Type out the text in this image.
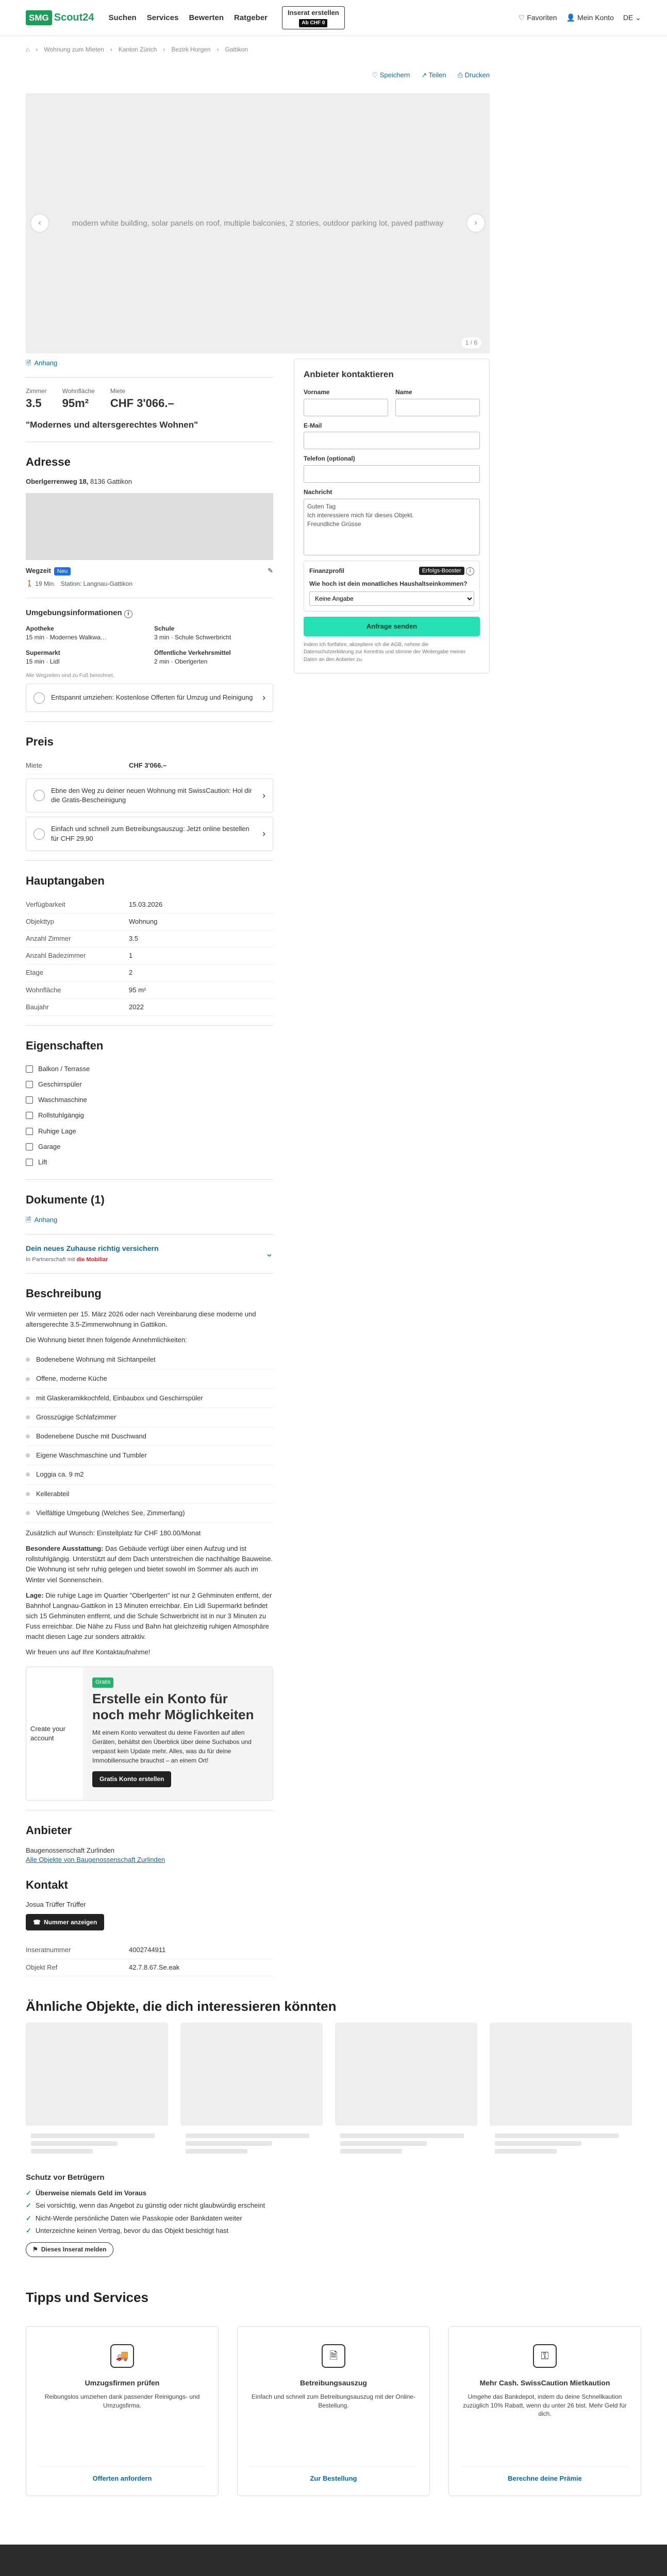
SMG Scout24 Suchen Services Bewerten Ratgeber
Inserat erstellen
Ab CHF 0
♡ Favoriten 👤 Mein Konto DE ⌄
⌂ › Wohnung zum Mieten › Kanton Zürich › Bezirk Horgen › Gattikon
♡ Speichern ↗ Teilen ⎙ Drucken
‹	modern white building, solar panels on roof, multiple balconies, 2 stories, outdoor parking lot, paved pathway	›
1 / 6
🗎 Anhang
Zimmer
3.5
Wohnfläche
95m²
Miete
CHF 3'066.–
"Modernes und altersgerechtes Wohnen"
Adresse
Oberlgerrenweg 18, 8136 Gattikon
Wegzeit Neu	✎
🚶 19 Min. Station: Langnau-Gattikon
Umgebungsinformationen i
Apotheke
15 min · Modernes Walkwa…
Schule
3 min · Schule Schwerbricht
Supermarkt
15 min · Lidl
Öffentliche Verkehrsmittel
2 min · Oberlgerten
Alle Wegzeiten sind zu Fuß berechnet.
Entspannt umziehen: Kostenlose Offerten für Umzug und Reinigung	›
Preis
Miete	CHF 3'066.–
Ebne den Weg zu deiner neuen Wohnung mit SwissCaution: Hol dir die Gratis-Bescheinigung	›
Einfach und schnell zum Betreibungsauszug: Jetzt online bestellen für CHF 29.90	›
Hauptangaben
Verfügbarkeit	15.03.2026
Objekttyp	Wohnung
Anzahl Zimmer	3.5
Anzahl Badezimmer	1
Etage	2
Wohnfläche	95 m²
Baujahr	2022
Eigenschaften
Balkon / Terrasse
Geschirrspüler
Waschmaschine
Rollstuhlgängig
Ruhige Lage
Garage
Lift
Dokumente (1)
🗎 Anhang
Dein neues Zuhause richtig versichern
In Partnerschaft mit die Mobiliar
⌄
Beschreibung

Wir vermieten per 15. März 2026 oder nach Vereinbarung diese moderne und altersgerechte 3.5-Zimmerwohnung in Gattikon.

Die Wohnung bietet Ihnen folgende Annehmlichkeiten:

Bodenebene Wohnung mit Sichtanpeilet
Offene, moderne Küche
mit Glaskeramikkochfeld, Einbaubox und Geschirrspüler
Grosszügige Schlafzimmer
Bodenebene Dusche mit Duschwand
Eigene Waschmaschine und Tumbler
Loggia ca. 9 m2
Kellerabteil
Vielfältige Umgebung (Welches See, Zimmerfang)

Zusätzlich auf Wunsch: Einstellplatz für CHF 180.00/Monat

Besondere Ausstattung: Das Gebäude verfügt über einen Aufzug und ist rollstuhlgängig. Unterstützt auf dem Dach unterstreichen die nachhaltige Bauweise. Die Wohnung ist sehr ruhig gelegen und bietet sowohl im Sommer als auch im Winter viel Sonnenschein.

Lage: Die ruhige Lage im Quartier "Oberlgerten" ist nur 2 Gehminuten entfernt, der Bahnhof Langnau-Gattikon in 13 Minuten erreichbar. Ein Lidl Supermarkt befindet sich 15 Gehminuten entfernt, und die Schule Schwerbricht ist in nur 3 Minuten zu Fuss erreichbar. Die Nähe zu Fluss und Bahn hat gleichzeitig ruhigen Atmosphäre macht diesen Lage zur sonders attraktiv.

Wir freuen uns auf Ihre Kontaktaufnahme!

Create your account
Gratis
Erstelle ein Konto für noch mehr Möglichkeiten
Mit einem Konto verwaltest du deine Favoriten auf allen Geräten, behältst den Überblick über deine Suchabos und verpasst kein Update mehr. Alles, was du für deine Immobiliensuche brauchst – an einem Ort!
Gratis Konto erstellen
Anbieter
Baugenossenschaft Zurlinden
Alle Objekte von Baugenossenschaft Zurlinden
Kontakt
Josua Trüffer Trüffer
☎ Nummer anzeigen
Inseratnummer	4002744911
Objekt Ref	42.7.8.67.Se.eak
Anbieter kontaktieren
Vorname	Name
E-Mail
Telefon (optional)
Nachricht
Guten Tag
Ich interessiere mich für dieses Objekt.
Freundliche Grüsse
Finanzprofil	Erfolgs-Booster i
Wie hoch ist dein monatliches Haushaltseinkommen?
Keine Angabe
Anfrage senden
Indem ich fortfahre, akzeptiere ich die AGB, nehme die Datenschutzerklärung zur Kenntnis und stimme der Weitergabe meiner Daten an den Anbieter zu.
Ähnliche Objekte, die dich interessieren könnten
Schutz vor Betrügern
✓ Überweise niemals Geld im Voraus
✓ Sei vorsichtig, wenn das Angebot zu günstig oder nicht glaubwürdig erscheint
✓ Nicht-Werde persönliche Daten wie Passkopie oder Bankdaten weiter
✓ Unterzeichne keinen Vertrag, bevor du das Objekt besichtigt hast
⚑ Dieses Inserat melden
Tipps und Services
🚚
Umzugsfirmen prüfen
Reibungslos umziehen dank passender Reinigungs- und Umzugsfirma.
Offerten anfordern
🗎
Betreibungsauszug
Einfach und schnell zum Betreibungsauszug mit der Online-Bestellung.
Zur Bestellung
⚿
Mehr Cash. SwissCaution Mietkaution
Umgehe das Bankdepot, indem du deine Schnellkaution zuzüglich 10% Rabatt, wenn du unter 26 bist. Mehr Geld für dich.
Berechne deine Prämie
